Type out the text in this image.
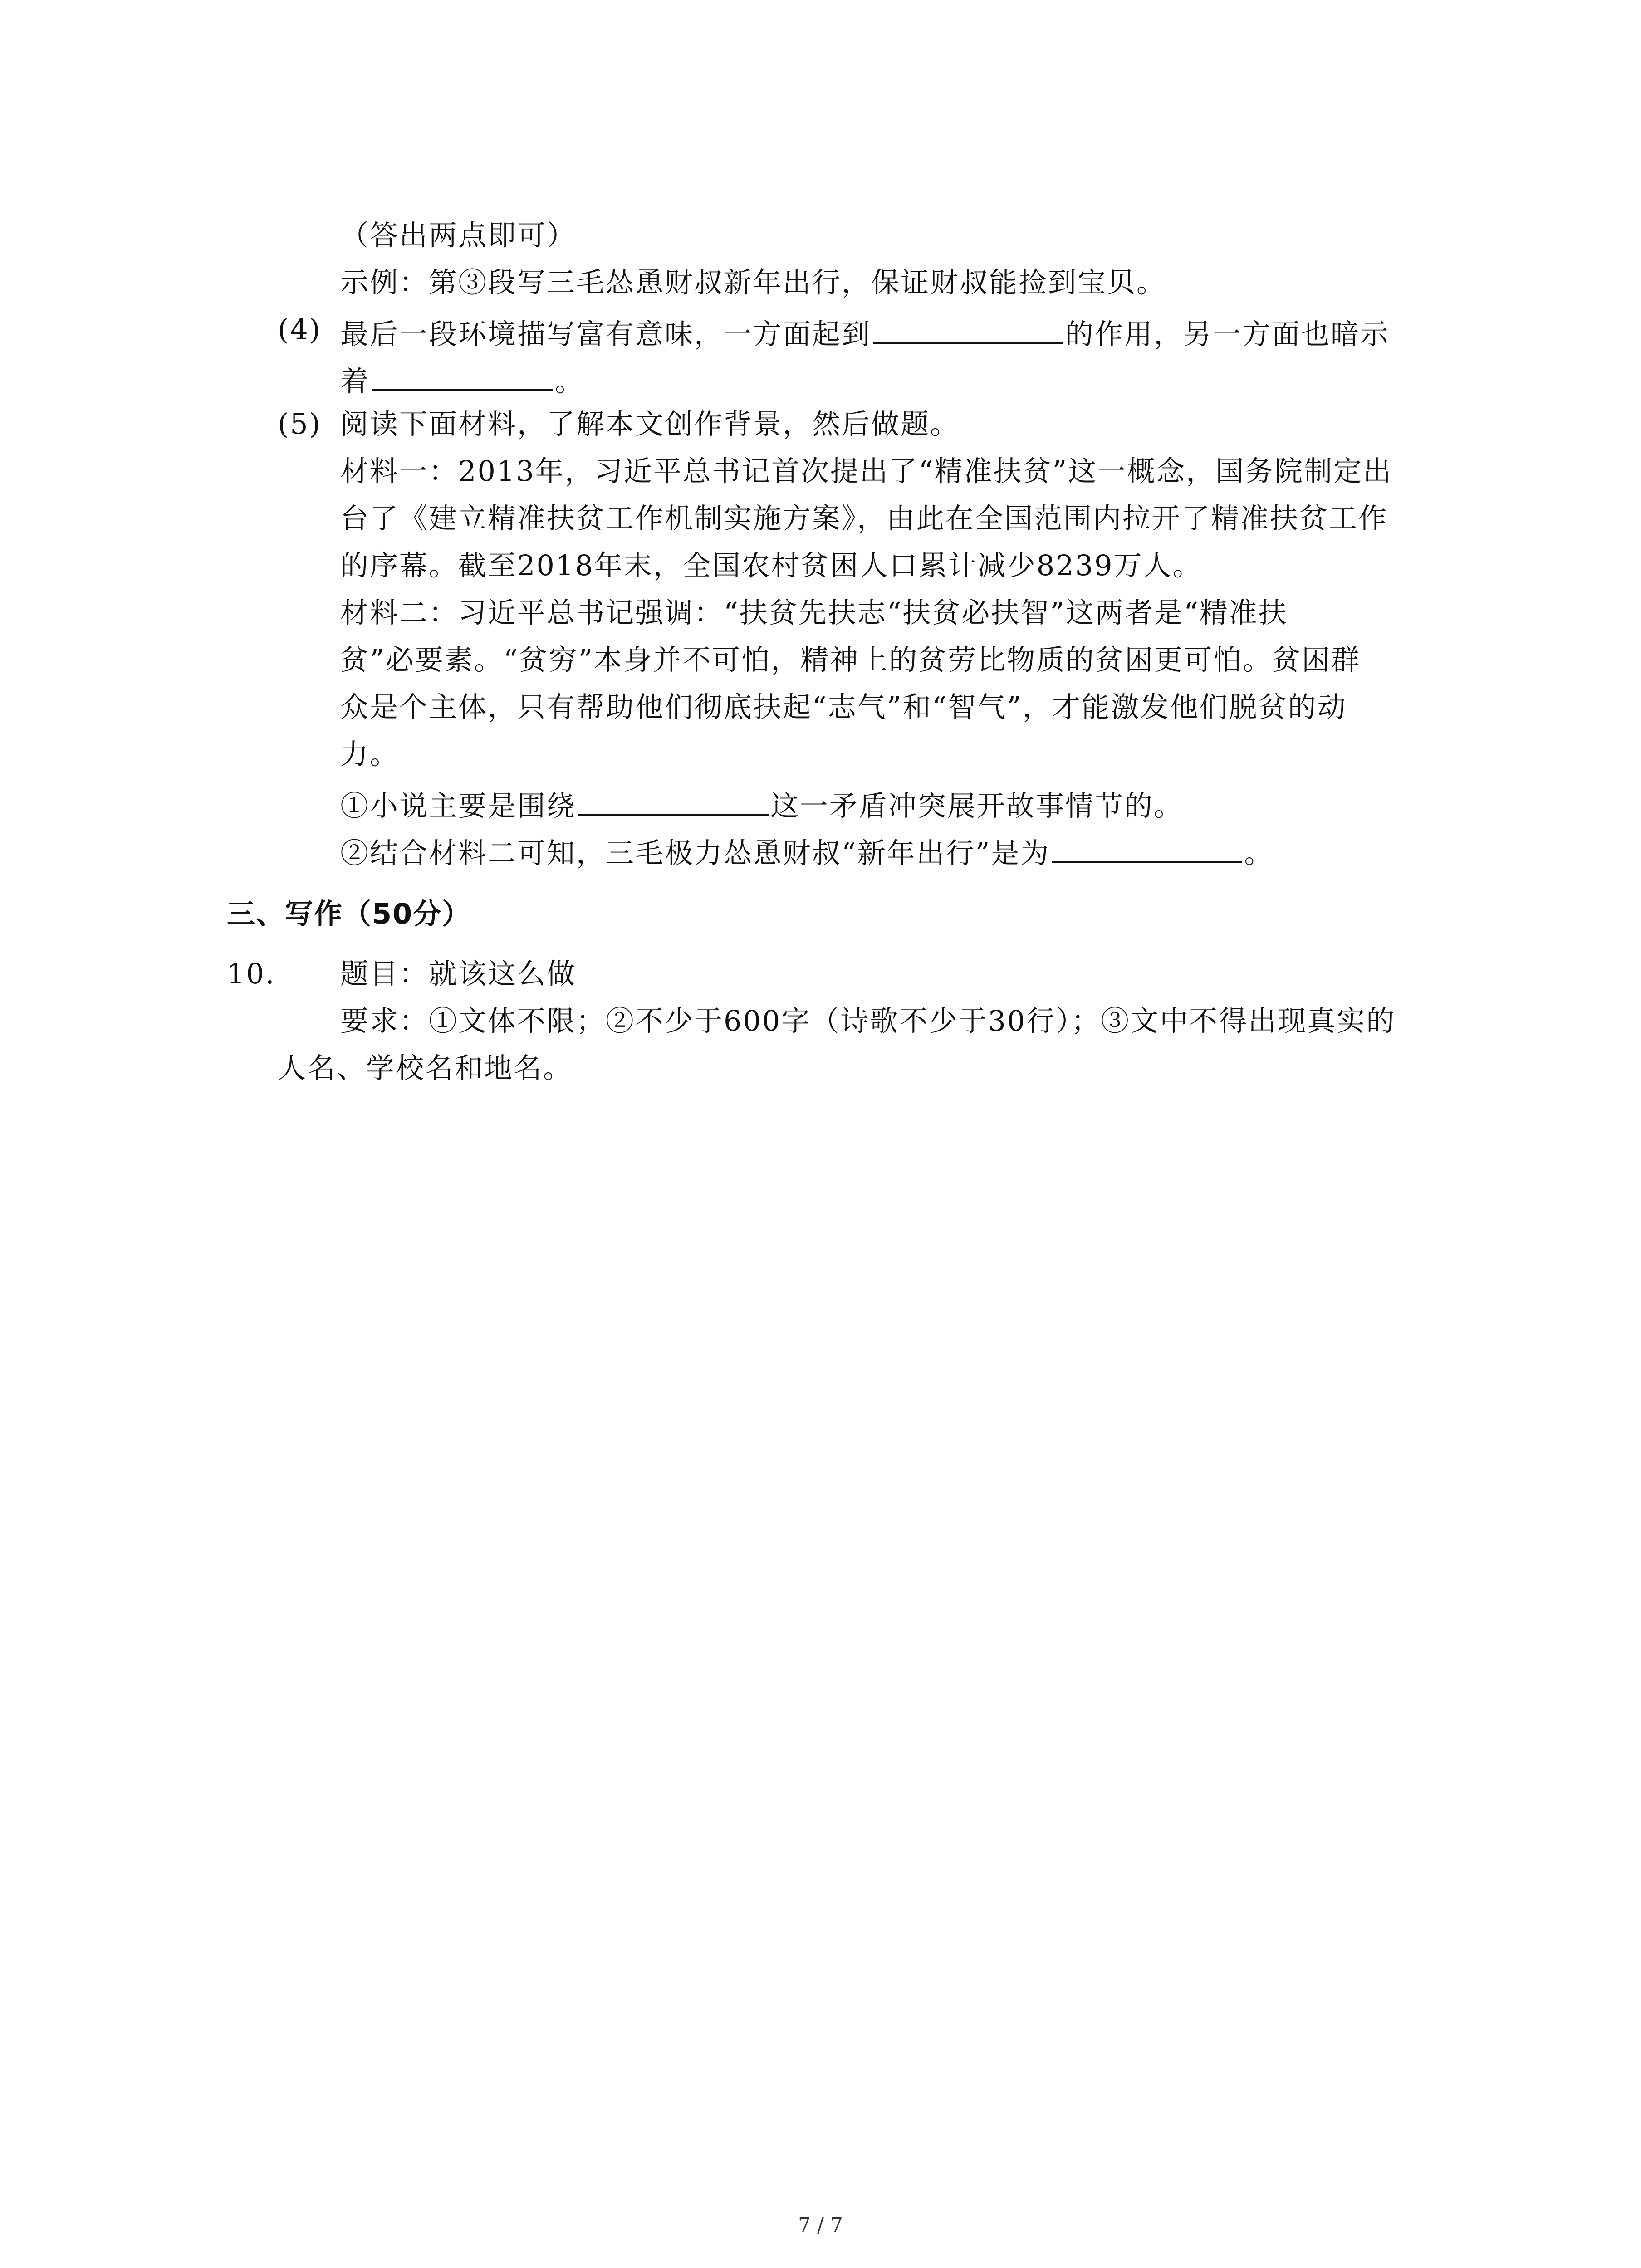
（答出两点即可）
示例：第③段写三毛怂恿财叔新年出行，保证财叔能捡到宝贝。
(4) 最后一段环境描写富有意味，一方面起到	的作用，另一方面也暗示
着	。
(5) 阅读下面材料，了解本文创作背景，然后做题。
材料一：2013年，习近平总书记首次提出了“精准扶贫”这一概念，国务院制定出
台了《建立精准扶贫工作机制实施方案》，由此在全国范围内拉开了精准扶贫工作
的序幕。截至2018年末，全国农村贫困人口累计减少8239万人。
材料二：习近平总书记强调：“扶贫先扶志“扶贫必扶智”这两者是“精准扶
贫”必要素。“贫穷”本身并不可怕，精神上的贫劳比物质的贫困更可怕。贫困群
众是个主体，只有帮助他们彻底扶起“志气”和“智气”，才能激发他们脱贫的动
力。
①小说主要是围绕	这一矛盾冲突展开故事情节的。
②结合材料二可知，三毛极力怂恿财叔“新年出行”是为	。
三、写作（50分）
10. 题目：就该这么做
要求：①文体不限；②不少于600字（诗歌不少于30行）；③文中不得出现真实的
人名、学校名和地名。
7 / 7
